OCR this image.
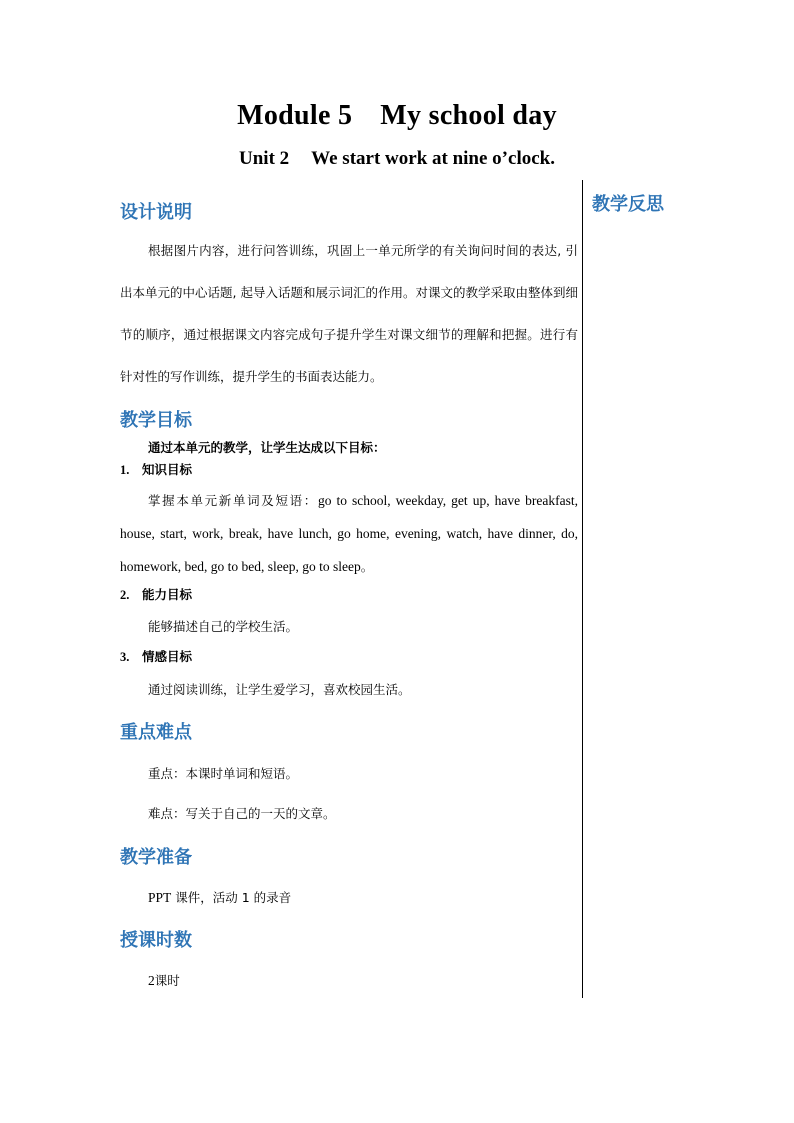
Module 5 My school day
Unit 2 We start work at nine o’clock.
教学反思
设计说明
根据图片内容，进行问答训练，巩固上一单元所学的有关询问时间的表达, 引出本单元的中心话题, 起导入话题和展示词汇的作用。对课文的教学采取由整体到细节的顺序，通过根据课文内容完成句子提升学生对课文细节的理解和把握。进行有针对性的写作训练，提升学生的书面表达能力。
教学目标
通过本单元的教学，让学生达成以下目标：
1. 知识目标
掌握本单元新单词及短语：go to school, weekday, get up, have breakfast, house, start, work, break, have lunch, go home, evening, watch, have dinner, do, homework, bed, go to bed, sleep, go to sleep。
2. 能力目标
能够描述自己的学校生活。
3. 情感目标
通过阅读训练，让学生爱学习，喜欢校园生活。
重点难点
重点：本课时单词和短语。
难点：写关于自己的一天的文章。
教学准备
PPT 课件，活动 1 的录音
授课时数
2课时
